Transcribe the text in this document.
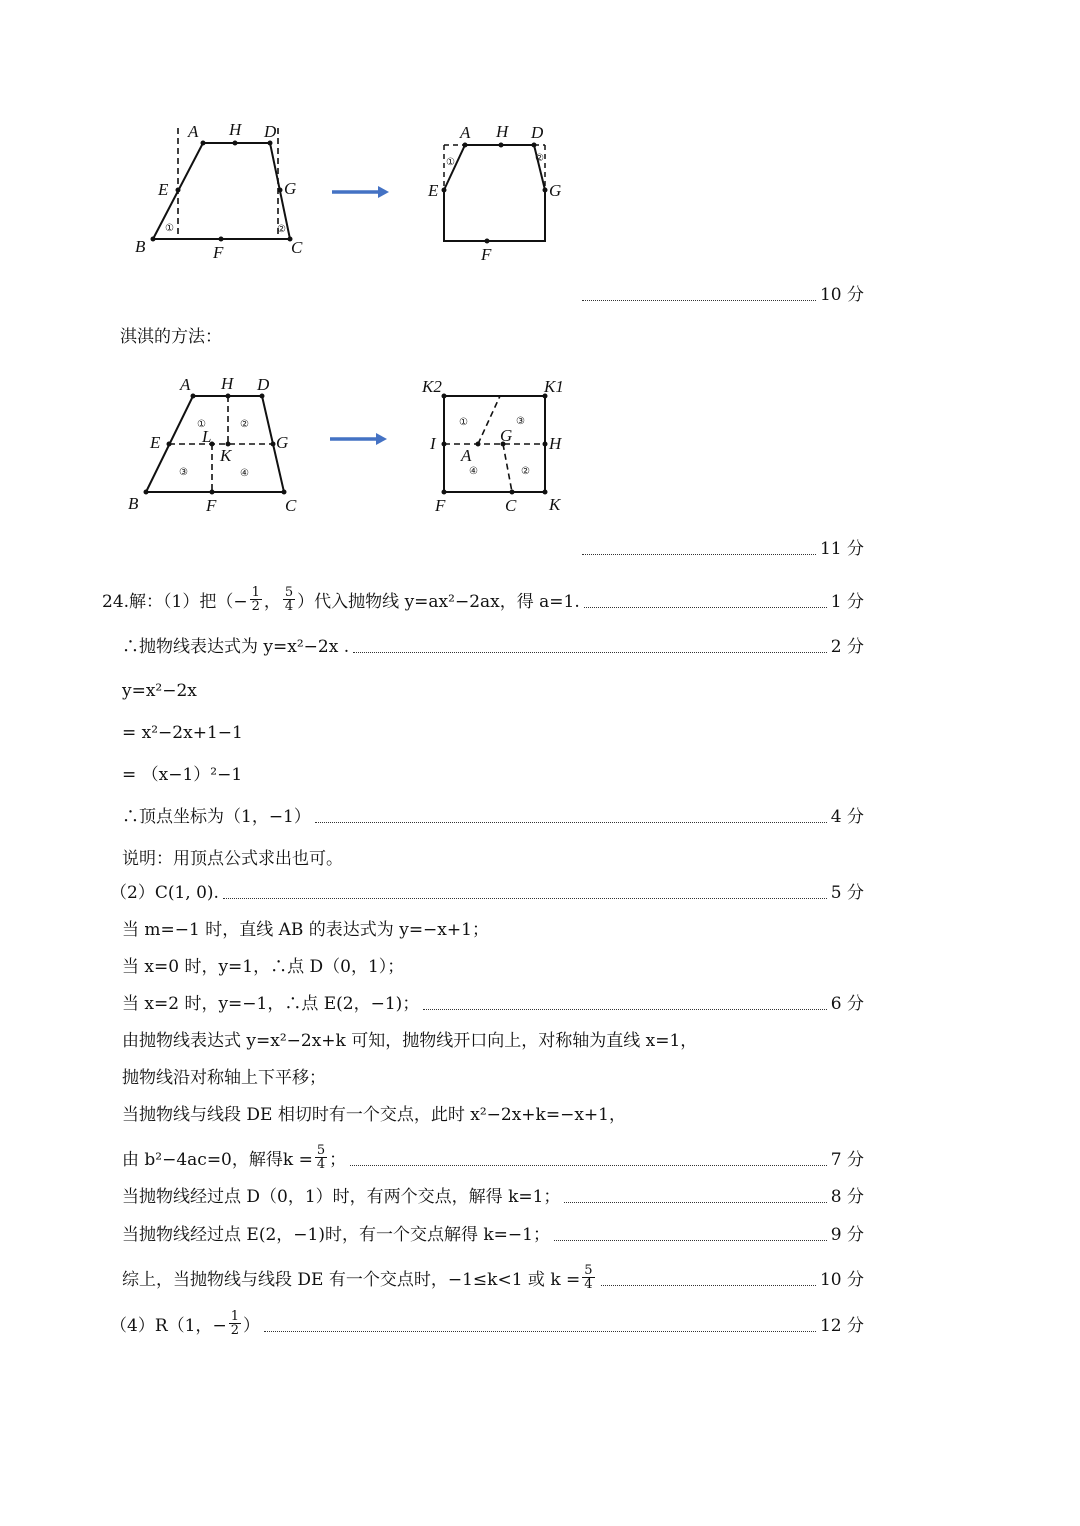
A H D
E	G
B	F	C
①	②
A H D
E	G
F
①	②
10 分
淇淇的方法：
A H D
E	G
B	F	C
L
K
①	②
③	④
K2	K1
I	H
G
A
F	C K
①
②
③
④
11 分
24.解：（1）把（ − $\frac{1}{2}$ ， $\frac{5}{4}$ ）代入抛物线 y=ax²−2ax，得 a=1.	1 分
∴抛物线表达式为 y=x²−2x .	2 分
y=x²−2x
= x²−2x+1−1
= （x−1）²−1
∴顶点坐标为（1，−1）	4 分
说明：用顶点公式求出也可。
（2）C(1, 0).	5 分
当 m=−1 时，直线 AB 的表达式为 y=−x+1；
当 x=0 时，y=1，∴点 D（0，1）；
当 x=2 时，y=−1，∴点 E(2，−1)；	6 分
由抛物线表达式 y=x²−2x+k 可知，抛物线开口向上，对称轴为直线 x=1，
抛物线沿对称轴上下平移；
当抛物线与线段 DE 相切时有一个交点，此时 x²−2x+k=−x+1，
由 b²−4ac=0，解得$k = \frac{5}{4}$ ；	7 分
当抛物线经过点 D（0，1）时，有两个交点，解得 k=1；	8 分
当抛物线经过点 E(2，−1)时，有一个交点解得 k=−1；	9 分
综上，当抛物线与线段 DE 有一个交点时，−1≤k<1 或 $k = \frac{5}{4}$	10 分
（4）R（1， − $\frac{1}{2}$ ）	12 分
